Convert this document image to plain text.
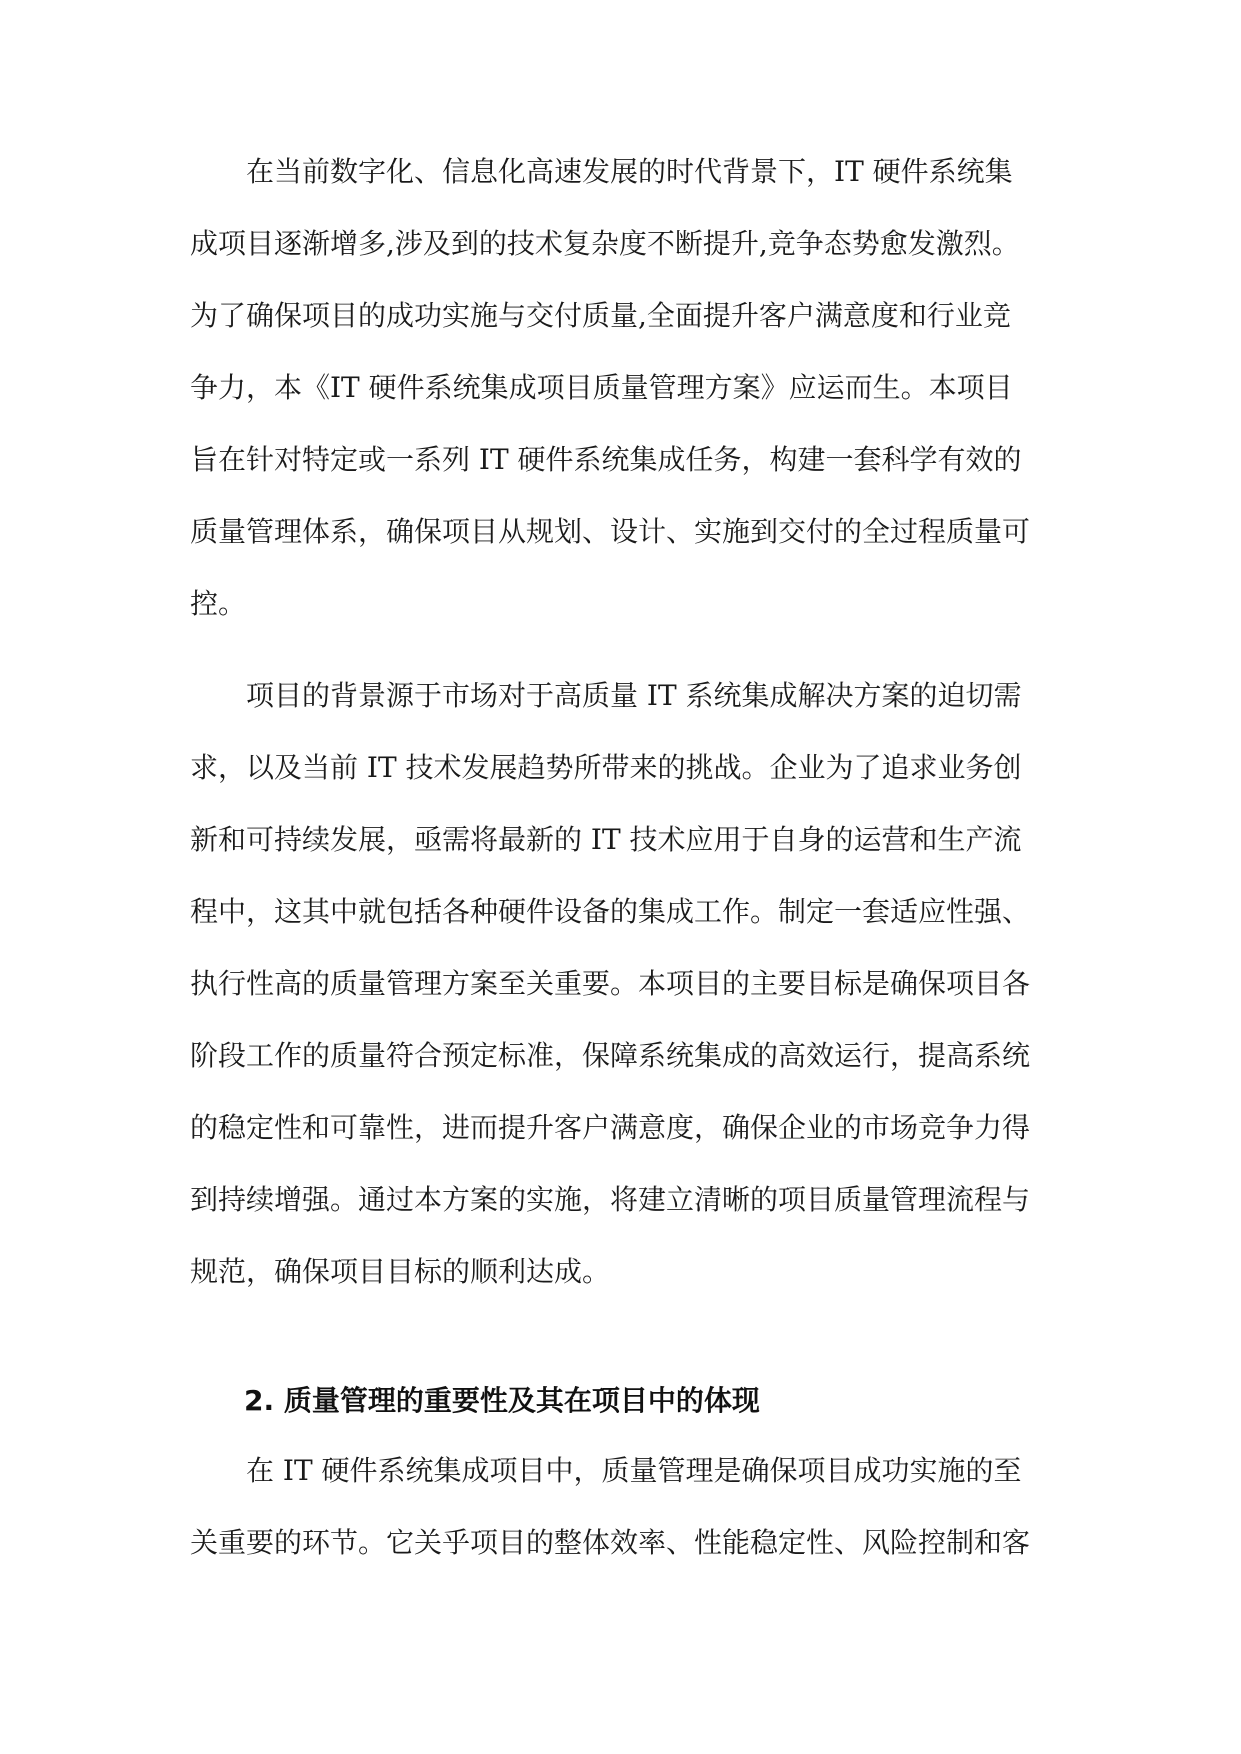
在当前数字化、信息化高速发展的时代背景下，IT 硬件系统集
成项目逐渐增多,涉及到的技术复杂度不断提升,竞争态势愈发激烈。
为了确保项目的成功实施与交付质量,全面提升客户满意度和行业竞
争力，本《IT 硬件系统集成项目质量管理方案》应运而生。本项目
旨在针对特定或一系列 IT 硬件系统集成任务，构建一套科学有效的
质量管理体系，确保项目从规划、设计、实施到交付的全过程质量可
控。
项目的背景源于市场对于高质量 IT 系统集成解决方案的迫切需
求，以及当前 IT 技术发展趋势所带来的挑战。企业为了追求业务创
新和可持续发展，亟需将最新的 IT 技术应用于自身的运营和生产流
程中，这其中就包括各种硬件设备的集成工作。制定一套适应性强、
执行性高的质量管理方案至关重要。本项目的主要目标是确保项目各
阶段工作的质量符合预定标准，保障系统集成的高效运行，提高系统
的稳定性和可靠性，进而提升客户满意度，确保企业的市场竞争力得
到持续增强。通过本方案的实施，将建立清晰的项目质量管理流程与
规范，确保项目目标的顺利达成。
2. 质量管理的重要性及其在项目中的体现
在 IT 硬件系统集成项目中，质量管理是确保项目成功实施的至
关重要的环节。它关乎项目的整体效率、性能稳定性、风险控制和客
